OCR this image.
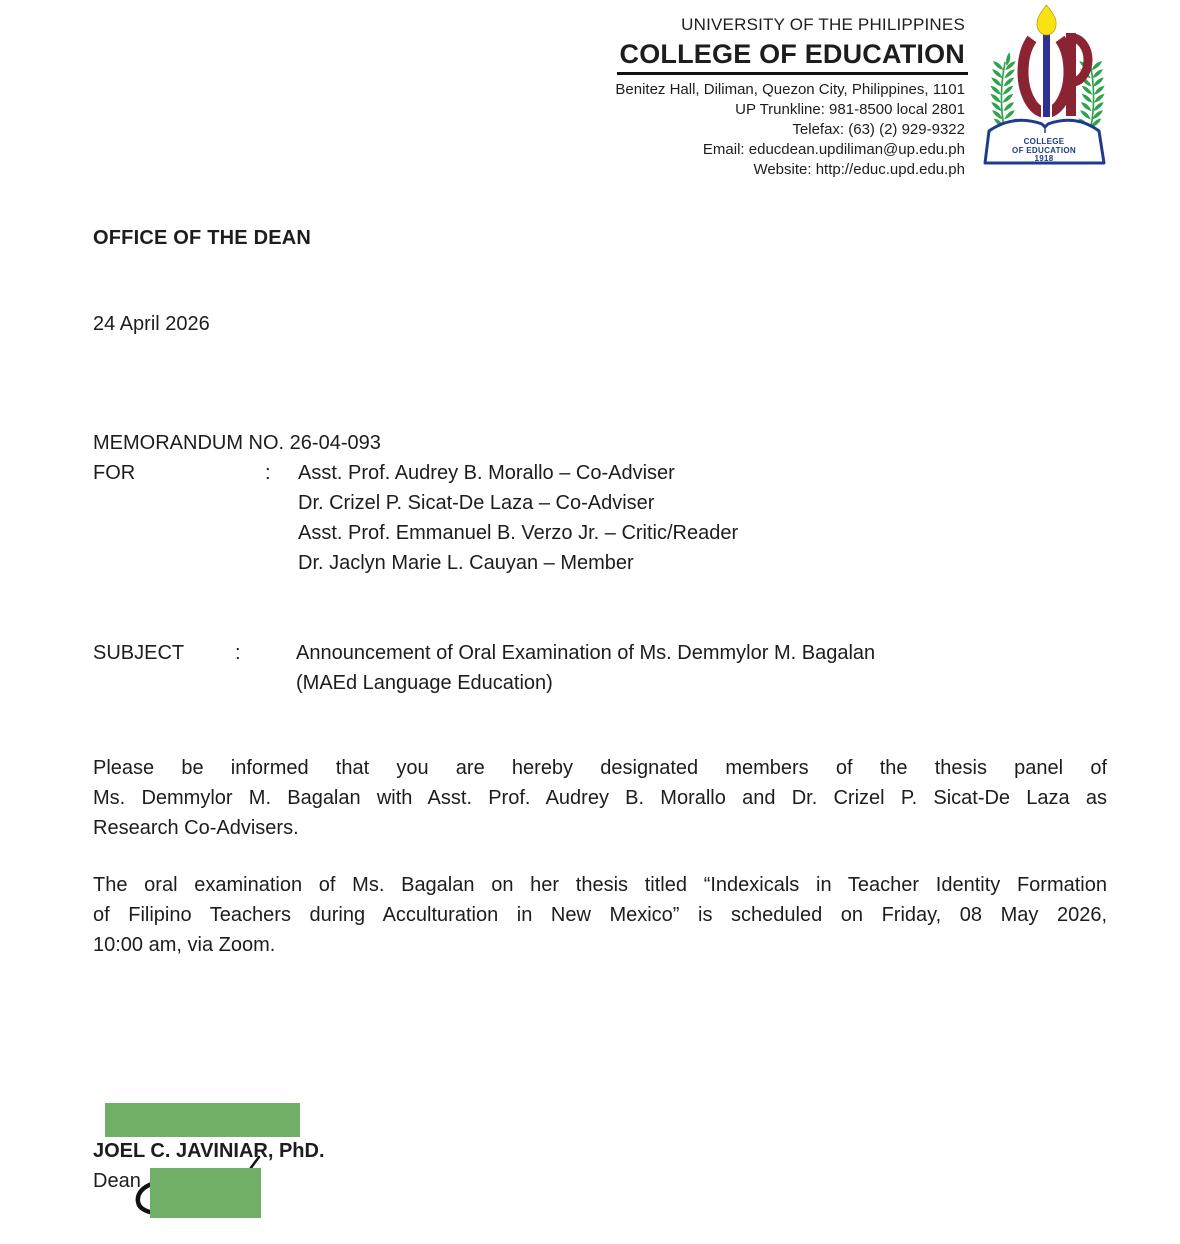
UNIVERSITY OF THE PHILIPPINES
COLLEGE OF EDUCATION
Benitez Hall, Diliman, Quezon City, Philippines, 1101
UP Trunkline: 981-8500 local 2801
Telefax: (63) (2) 929-9322
Email: educdean.updiliman@up.edu.ph
Website: http://educ.upd.edu.ph
COLLEGE
OF EDUCATION
1918
OFFICE OF THE DEAN
24 April 2026
MEMORANDUM NO. 26-04-093
FOR	:	Asst. Prof. Audrey B. Morallo – Co-Adviser
Dr. Crizel P. Sicat-De Laza – Co-Adviser
Asst. Prof. Emmanuel B. Verzo Jr. – Critic/Reader
Dr. Jaclyn Marie L. Cauyan – Member
SUBJECT	:	Announcement of Oral Examination of Ms. Demmylor M. Bagalan
(MAEd Language Education)
Please be informed that you are hereby designated members of the thesis panel of
Ms. Demmylor M. Bagalan with Asst. Prof. Audrey B. Morallo and Dr. Crizel P. Sicat-De Laza as
Research Co-Advisers.
The oral examination of Ms. Bagalan on her thesis titled “Indexicals in Teacher Identity Formation
of Filipino Teachers during Acculturation in New Mexico” is scheduled on Friday, 08 May 2026,
10:00 am, via Zoom.
JOEL C. JAVINIAR, PhD.
Dean
